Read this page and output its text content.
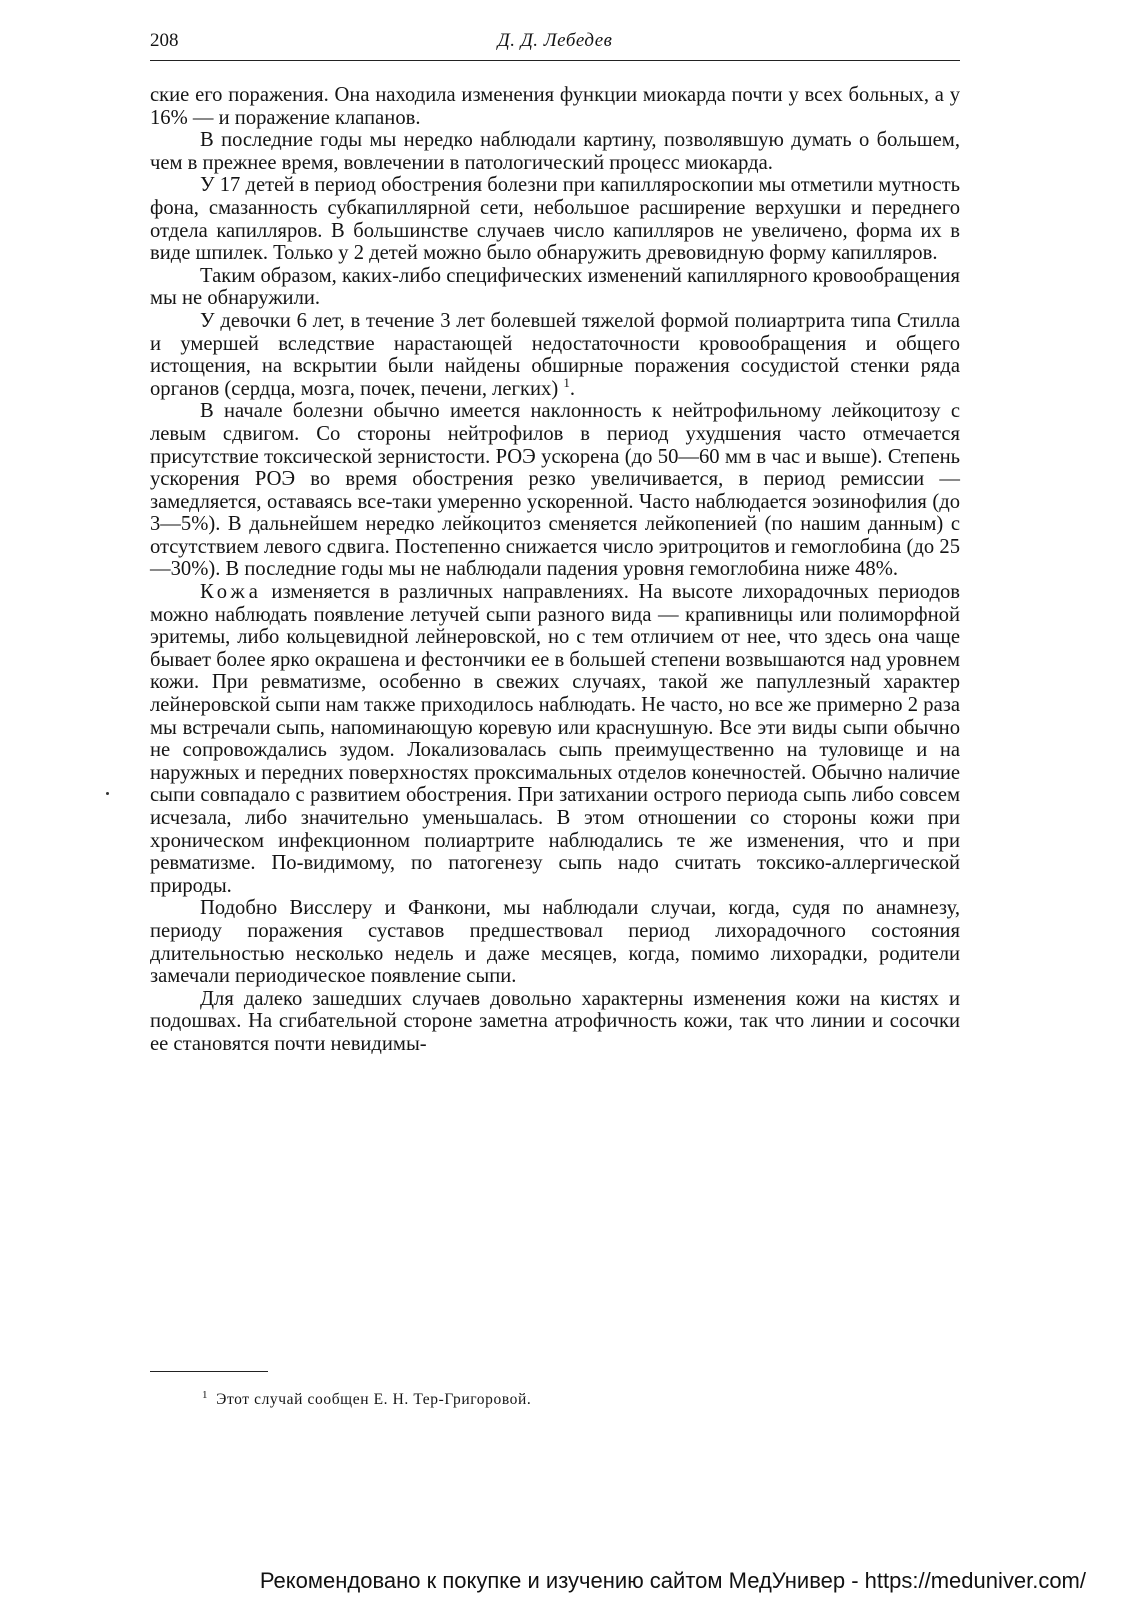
208	Д. Д. Лебедев

ские его поражения. Она находила изменения функции миокарда почти у всех больных, а у 16% — и поражение клапанов.

В последние годы мы нередко наблюдали картину, позволявшую думать о большем, чем в прежнее время, вовлечении в патологический процесс миокарда.

У 17 детей в период обострения болезни при капилляроскопии мы отметили мутность фона, смазанность субкапиллярной сети, небольшое расширение верхушки и переднего отдела капилляров. В большинстве случаев число капилляров не увеличено, форма их в виде шпилек. Только у 2 детей можно было обнаружить древовидную форму капилляров.

Таким образом, каких-либо специфических изменений капиллярного кровообращения мы не обнаружили.

У девочки 6 лет, в течение 3 лет болевшей тяжелой формой полиартрита типа Стилла и умершей вследствие нарастающей недостаточности кровообращения и общего истощения, на вскрытии были найдены обширные поражения сосудистой стенки ряда органов (сердца, мозга, почек, печени, легких) $^1$.

В начале болезни обычно имеется наклонность к нейтрофильному лейкоцитозу с левым сдвигом. Со стороны нейтрофилов в период ухудшения часто отмечается присутствие токсической зернистости. РОЭ ускорена (до 50—60 мм в час и выше). Степень ускорения РОЭ во время обострения резко увеличивается, в период ремиссии — замедляется, оставаясь все-таки умеренно ускоренной. Часто наблюдается эозинофилия (до 3—5%). В дальнейшем нередко лейкоцитоз сменяется лейкопенией (по нашим данным) с отсутствием левого сдвига. Постепенно снижается число эритроцитов и гемоглобина (до 25—30%). В последние годы мы не наблюдали падения уровня гемоглобина ниже 48%.

Кожа изменяется в различных направлениях. На высоте лихорадочных периодов можно наблюдать появление летучей сыпи разного вида — крапивницы или полиморфной эритемы, либо кольцевидной лейнеровской, но с тем отличием от нее, что здесь она чаще бывает более ярко окрашена и фестончики ее в большей степени возвышаются над уровнем кожи. При ревматизме, особенно в свежих случаях, такой же папуллезный характер лейнеровской сыпи нам также приходилось наблюдать. Не часто, но все же примерно 2 раза мы встречали сыпь, напоминающую коревую или краснушную. Все эти виды сыпи обычно не сопровождались зудом. Локализовалась сыпь преимущественно на туловище и на наружных и передних поверхностях проксимальных отделов конечностей. Обычно наличие сыпи совпадало с развитием обострения. При затихании острого периода сыпь либо совсем исчезала, либо значительно уменьшалась. В этом отношении со стороны кожи при хроническом инфекционном полиартрите наблюдались те же изменения, что и при ревматизме. По-видимому, по патогенезу сыпь надо считать токсико-аллергической природы.

Подобно Висслеру и Фанкони, мы наблюдали случаи, когда, судя по анамнезу, периоду поражения суставов предшествовал период лихорадочного состояния длительностью несколько недель и даже месяцев, когда, помимо лихорадки, родители замечали периодическое появление сыпи.

Для далеко зашедших случаев довольно характерны изменения кожи на кистях и подошвах. На сгибательной стороне заметна атрофичность кожи, так что линии и сосочки ее становятся почти невидимы-

$^1$ Этот случай сообщен Е. Н. Тер-Григоровой.
Рекомендовано к покупке и изучению сайтом МедУнивер - https://meduniver.com/
